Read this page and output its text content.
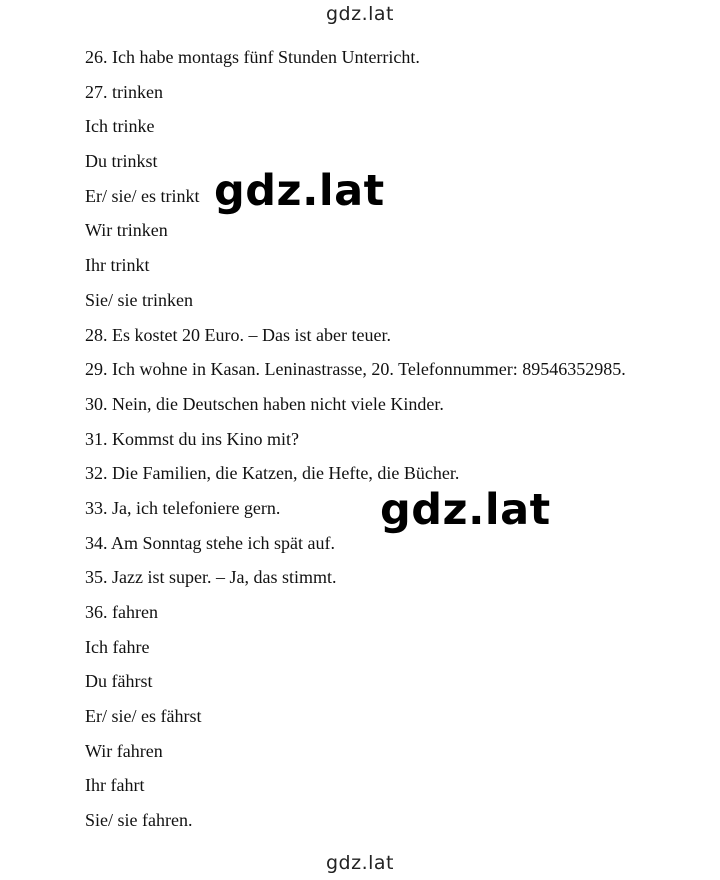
gdz.lat
26. Ich habe montags fünf Stunden Unterricht.
27. trinken
Ich trinke
Du trinkst
Er/ sie/ es trinkt
Wir trinken
Ihr trinkt
Sie/ sie trinken
28. Es kostet 20 Euro. – Das ist aber teuer.
29. Ich wohne in Kasan. Leninastrasse, 20. Telefonnummer: 89546352985.
30. Nein, die Deutschen haben nicht viele Kinder.
31. Kommst du ins Kino mit?
32. Die Familien, die Katzen, die Hefte, die Bücher.
33. Ja, ich telefoniere gern.
34. Am Sonntag stehe ich spät auf.
35. Jazz ist super. – Ja, das stimmt.
36. fahren
Ich fahre
Du fährst
Er/ sie/ es fährst
Wir fahren
Ihr fahrt
Sie/ sie fahren.
gdz.lat
gdz.lat
gdz.lat
